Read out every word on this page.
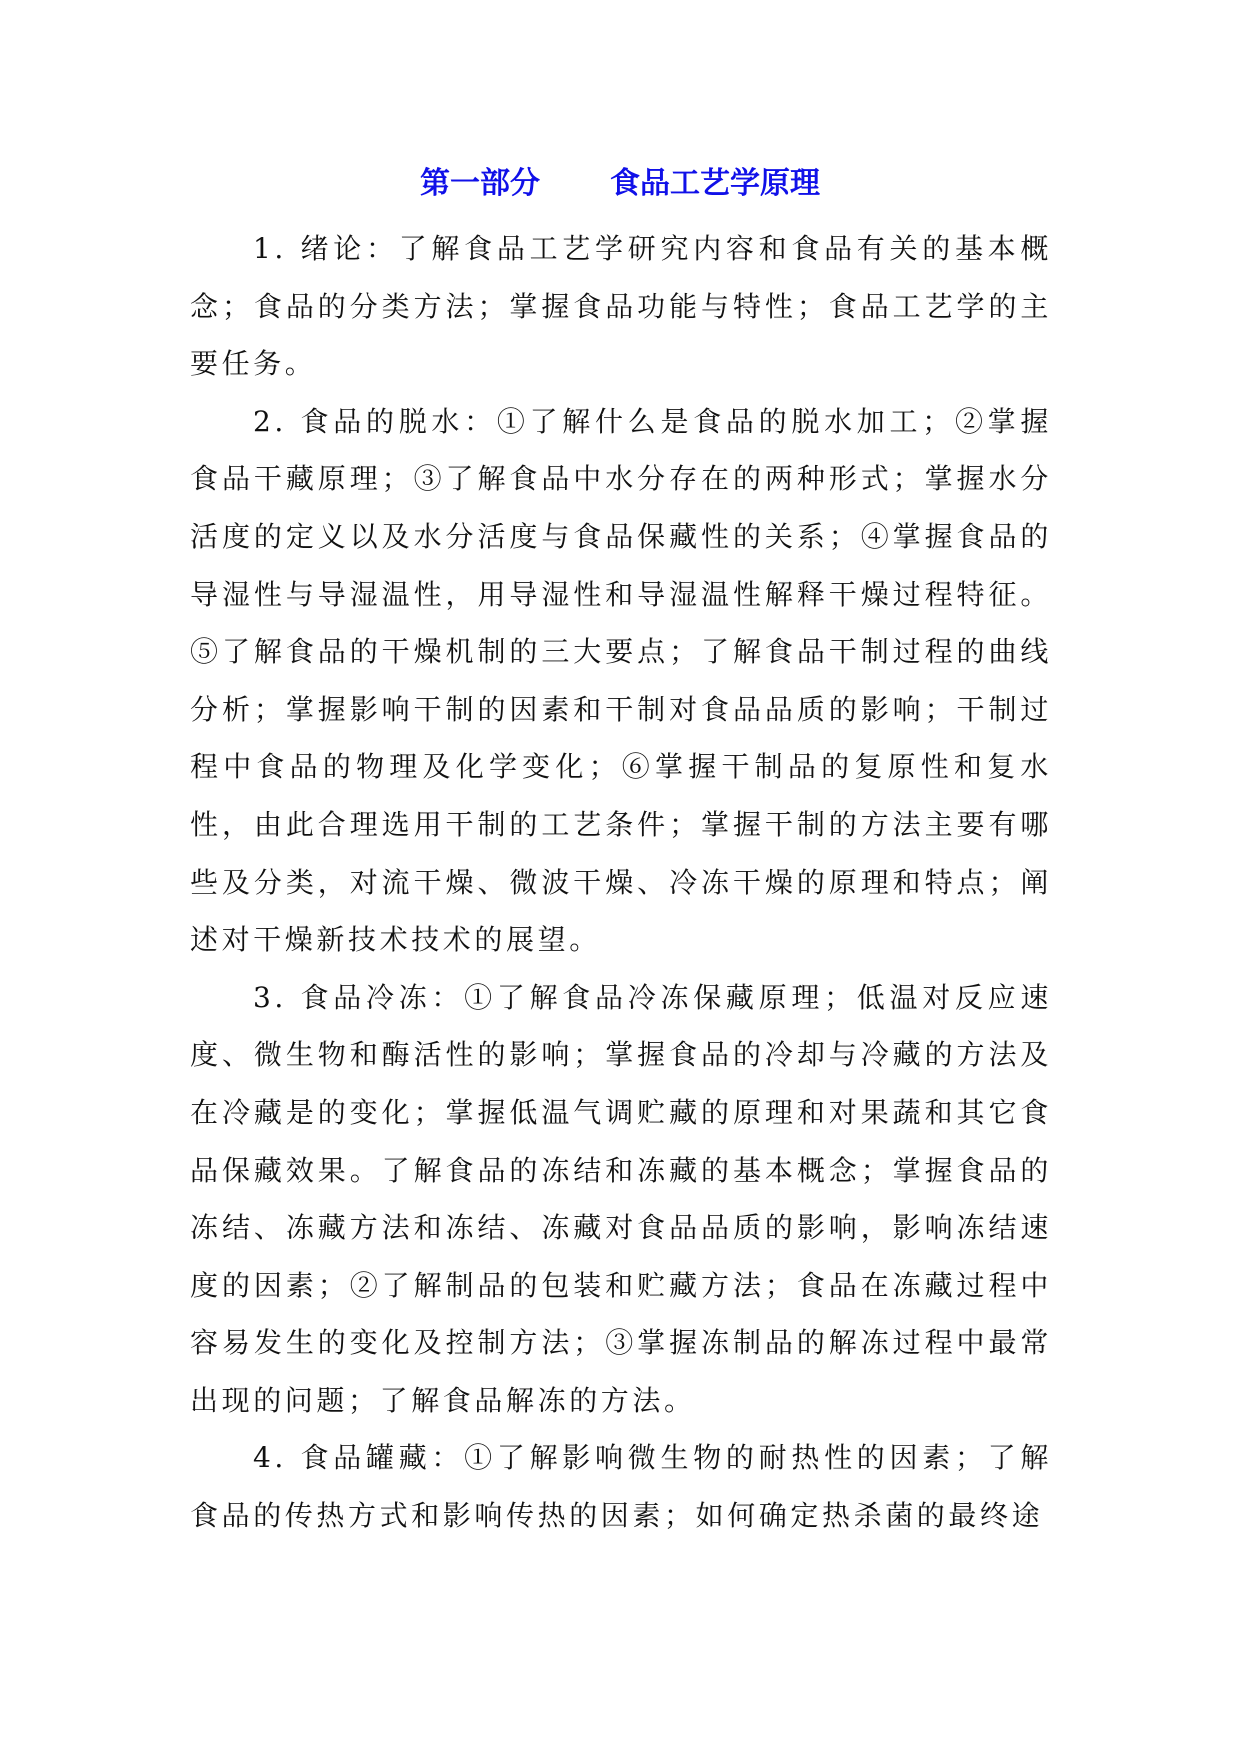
第一部分 食品工艺学原理

1. 绪论：了解食品工艺学研究内容和食品有关的基本概念；食品的分类方法；掌握食品功能与特性；食品工艺学的主要任务。

2. 食品的脱水：①了解什么是食品的脱水加工；②掌握食品干藏原理；③了解食品中水分存在的两种形式；掌握水分活度的定义以及水分活度与食品保藏性的关系；④掌握食品的导湿性与导湿温性，用导湿性和导湿温性解释干燥过程特征。⑤了解食品的干燥机制的三大要点；了解食品干制过程的曲线分析；掌握影响干制的因素和干制对食品品质的影响；干制过程中食品的物理及化学变化；⑥掌握干制品的复原性和复水性，由此合理选用干制的工艺条件；掌握干制的方法主要有哪些及分类，对流干燥、微波干燥、冷冻干燥的原理和特点；阐述对干燥新技术技术的展望。

3. 食品冷冻：①了解食品冷冻保藏原理；低温对反应速度、微生物和酶活性的影响；掌握食品的冷却与冷藏的方法及在冷藏是的变化；掌握低温气调贮藏的原理和对果蔬和其它食品保藏效果。了解食品的冻结和冻藏的基本概念；掌握食品的冻结、冻藏方法和冻结、冻藏对食品品质的影响，影响冻结速度的因素；②了解制品的包装和贮藏方法；食品在冻藏过程中容易发生的变化及控制方法；③掌握冻制品的解冻过程中最常出现的问题；了解食品解冻的方法。

4. 食品罐藏：①了解影响微生物的耐热性的因素；了解食品的传热方式和影响传热的因素；如何确定热杀菌的最终途
